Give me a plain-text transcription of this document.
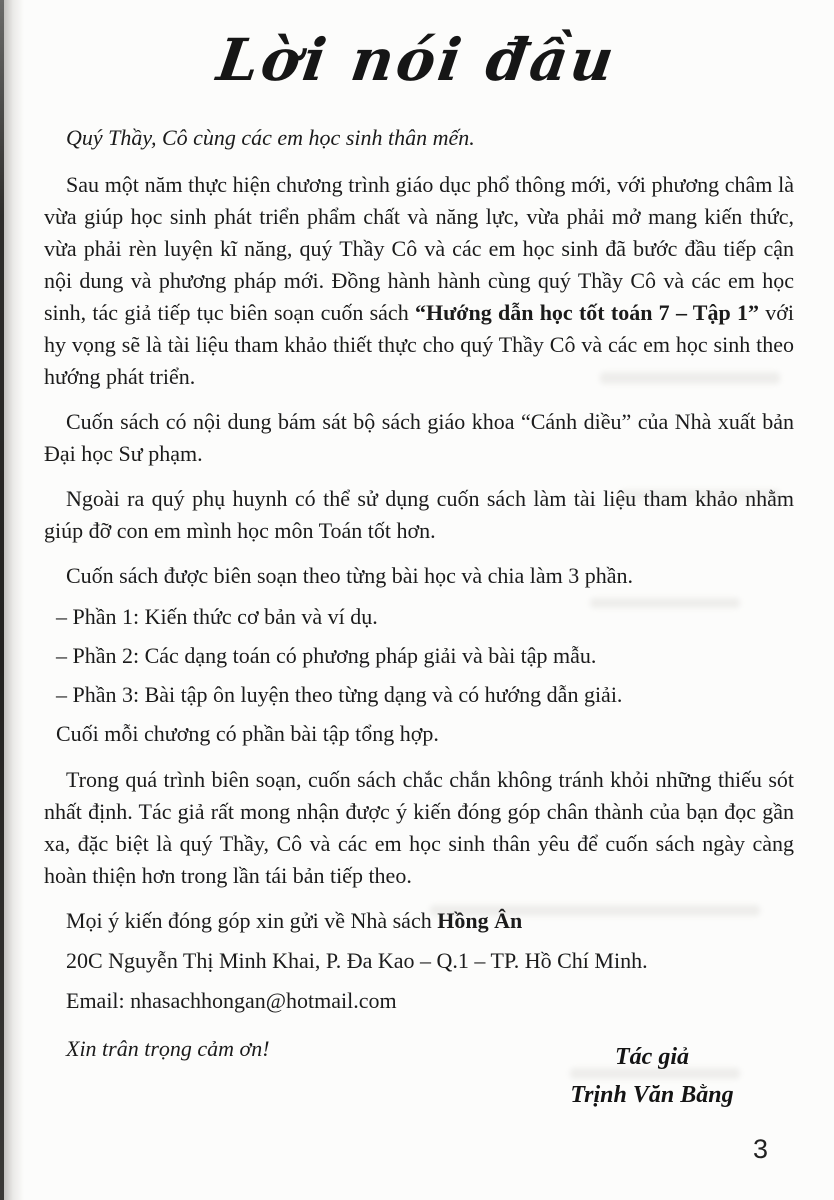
Lời nói đầu

Quý Thầy, Cô cùng các em học sinh thân mến.

Sau một năm thực hiện chương trình giáo dục phổ thông mới, với phương châm là vừa giúp học sinh phát triển phẩm chất và năng lực, vừa phải mở mang kiến thức, vừa phải rèn luyện kĩ năng, quý Thầy Cô và các em học sinh đã bước đầu tiếp cận nội dung và phương pháp mới. Đồng hành hành cùng quý Thầy Cô và các em học sinh, tác giả tiếp tục biên soạn cuốn sách “Hướng dẫn học tốt toán 7 – Tập 1” với hy vọng sẽ là tài liệu tham khảo thiết thực cho quý Thầy Cô và các em học sinh theo hướng phát triển.

Cuốn sách có nội dung bám sát bộ sách giáo khoa “Cánh diều” của Nhà xuất bản Đại học Sư phạm.

Ngoài ra quý phụ huynh có thể sử dụng cuốn sách làm tài liệu tham khảo nhằm giúp đỡ con em mình học môn Toán tốt hơn.

Cuốn sách được biên soạn theo từng bài học và chia làm 3 phần.

– Phần 1: Kiến thức cơ bản và ví dụ.
– Phần 2: Các dạng toán có phương pháp giải và bài tập mẫu.
– Phần 3: Bài tập ôn luyện theo từng dạng và có hướng dẫn giải.
Cuối mỗi chương có phần bài tập tổng hợp.

Trong quá trình biên soạn, cuốn sách chắc chắn không tránh khỏi những thiếu sót nhất định. Tác giả rất mong nhận được ý kiến đóng góp chân thành của bạn đọc gần xa, đặc biệt là quý Thầy, Cô và các em học sinh thân yêu để cuốn sách ngày càng hoàn thiện hơn trong lần tái bản tiếp theo.

Mọi ý kiến đóng góp xin gửi về Nhà sách Hồng Ân
20C Nguyễn Thị Minh Khai, P. Đa Kao – Q.1 – TP. Hồ Chí Minh.
Email: nhasachhongan@hotmail.com

Xin trân trọng cảm ơn!	Tác giả
Trịnh Văn Bằng
3
